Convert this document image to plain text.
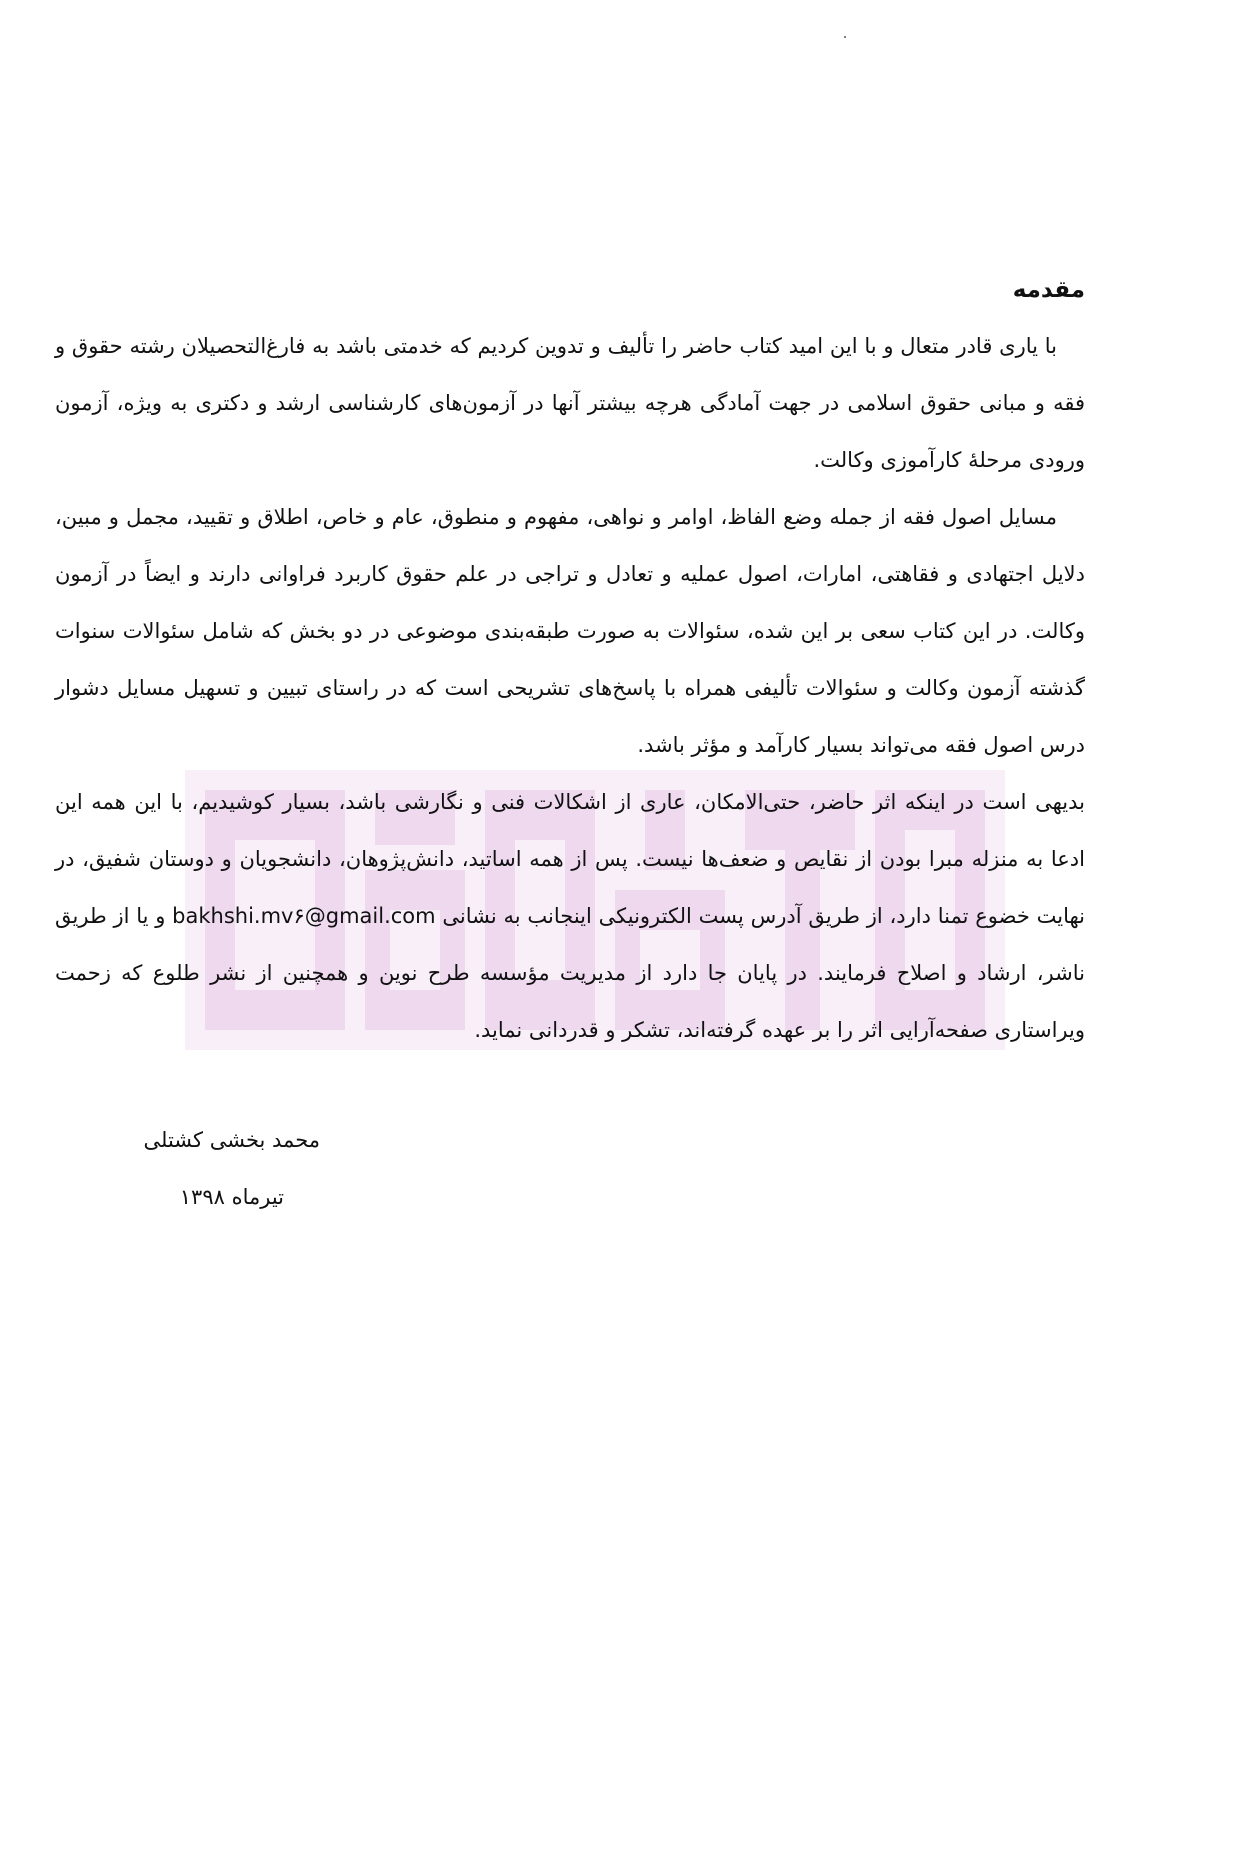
مقدمه

با یاری قادر متعال و با این امید کتاب حاضر را تألیف و تدوین کردیم که خدمتی باشد به فارغ‌التحصیلان رشته حقوق و فقه و مبانی حقوق اسلامی در جهت آمادگی هرچه بیشتر آنها در آزمون‌های کارشناسی ارشد و دکتری به ویژه، آزمون ورودی مرحلهٔ کارآموزی وکالت.

مسایل اصول فقه از جمله وضع الفاظ، اوامر و نواهی، مفهوم و منطوق، عام و خاص، اطلاق و تقیید، مجمل و مبین، دلایل اجتهادی و فقاهتی، امارات، اصول عملیه و تعادل و تراجی در علم حقوق کاربرد فراوانی دارند و ایضاً در آزمون وکالت. در این کتاب سعی بر این شده، سئوالات به صورت طبقه‌بندی موضوعی در دو بخش که شامل سئوالات سنوات گذشته آزمون وکالت و سئوالات تألیفی همراه با پاسخ‌های تشریحی است که در راستای تبیین و تسهیل مسایل دشوار درس اصول فقه می‌تواند بسیار کارآمد و مؤثر باشد.

بدیهی است در اینکه اثر حاضر، حتی‌الامکان، عاری از اشکالات فنی و نگارشی باشد، بسیار کوشیدیم، با این همه این ادعا به منزله مبرا بودن از نقایص و ضعف‌ها نیست. پس از همه اساتید، دانش‌پژوهان، دانشجویان و دوستان شفیق، در نهایت خضوع تمنا دارد، از طریق آدرس پست الکترونیکی اینجانب به نشانی bakhshi.mv۶@gmail.com و یا از طریق ناشر، ارشاد و اصلاح فرمایند. در پایان جا دارد از مدیریت مؤسسه طرح نوین و همچنین از نشر طلوع که زحمت ویراستاری صفحه‌آرایی اثر را بر عهده گرفته‌اند، تشکر و قدردانی نماید.

محمد بخشی کشتلی
تیرماه ۱۳۹۸
